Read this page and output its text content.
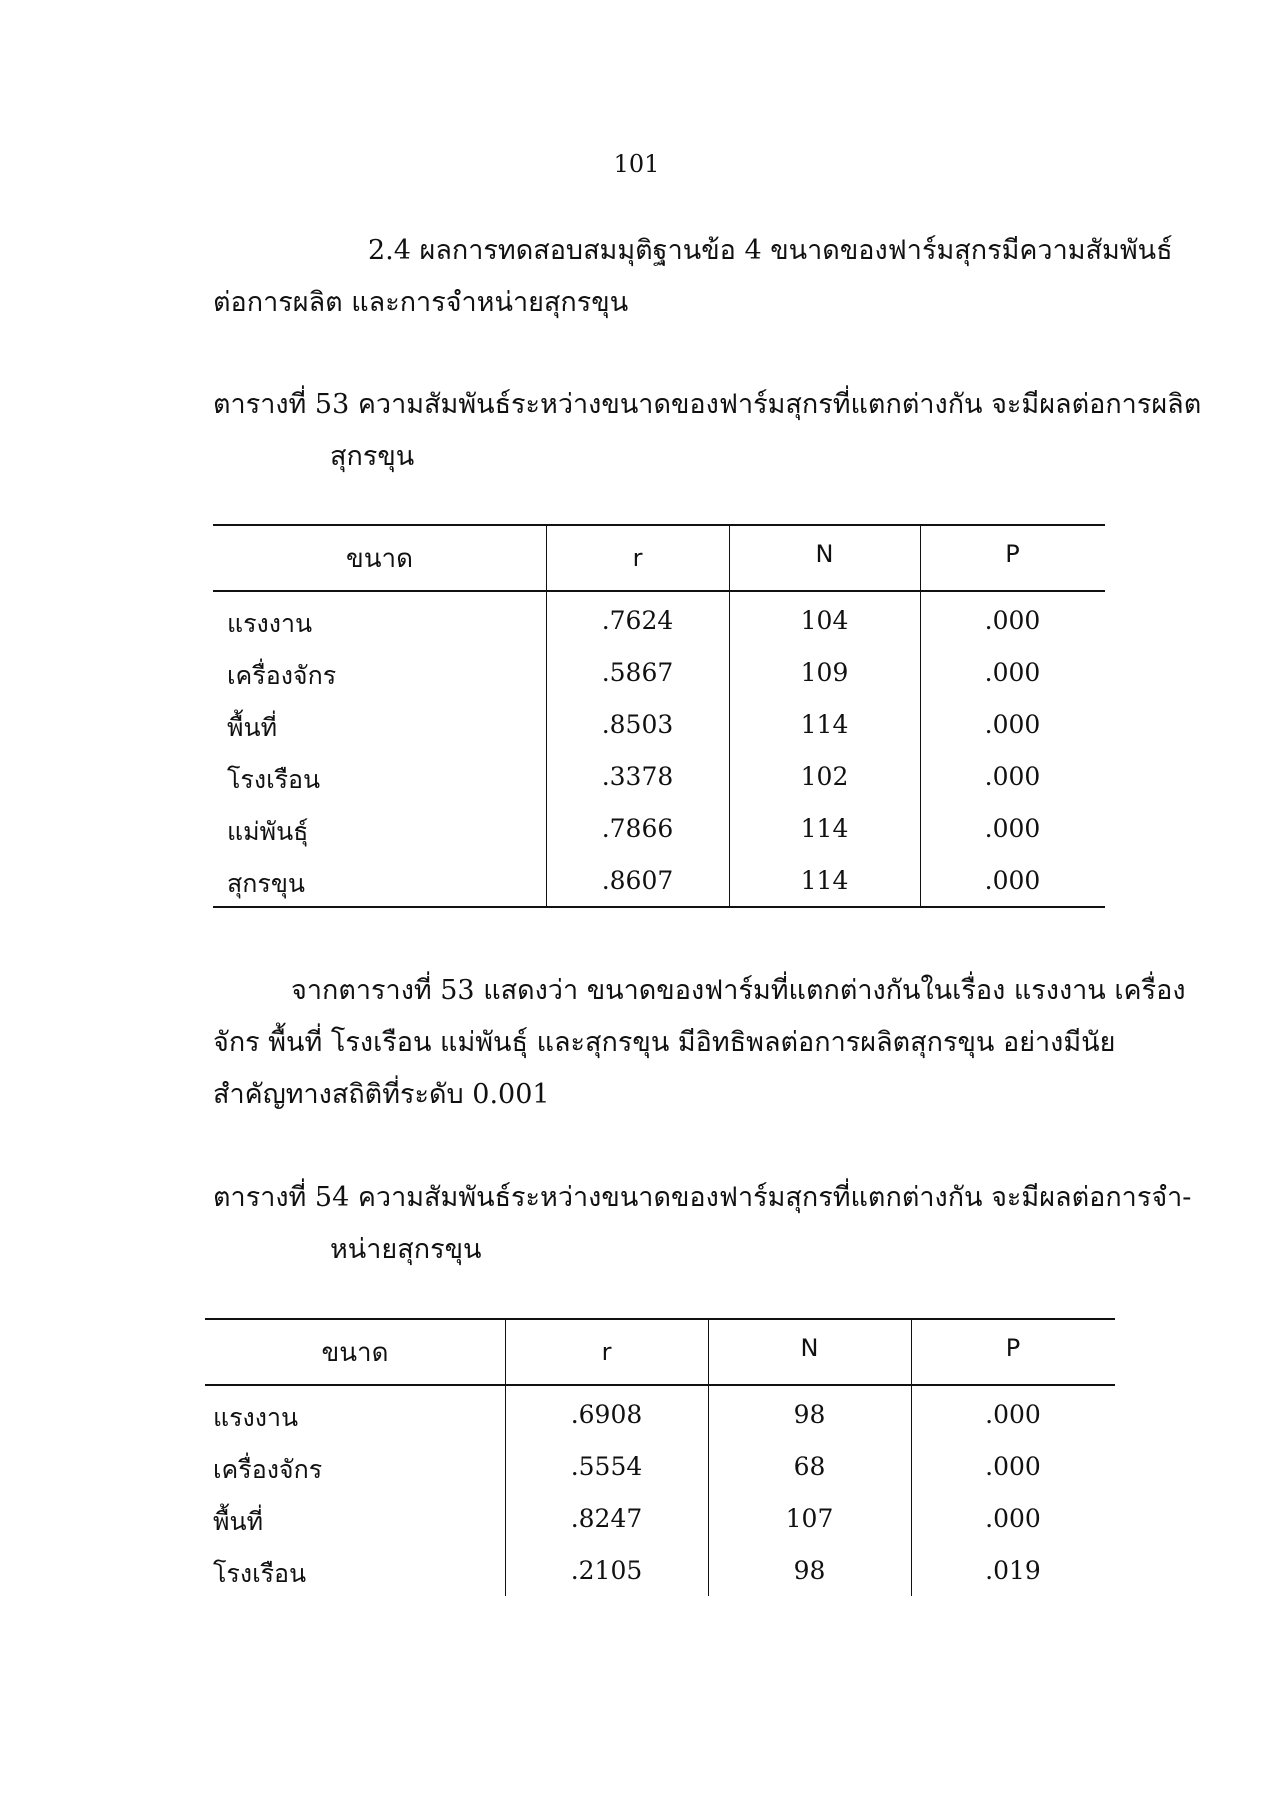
101
2.4 ผลการทดสอบสมมุติฐานข้อ 4 ขนาดของฟาร์มสุกรมีความสัมพันธ์
ต่อการผลิต และการจำหน่ายสุกรขุน
ตารางที่ 53 ความสัมพันธ์ระหว่างขนาดของฟาร์มสุกรที่แตกต่างกัน จะมีผลต่อการผลิต
สุกรขุน
ขนาด	r	N	P
แรงงาน	.7624	104	.000
เครื่องจักร	.5867	109	.000
พื้นที่	.8503	114	.000
โรงเรือน	.3378	102	.000
แม่พันธุ์	.7866	114	.000
สุกรขุน	.8607	114	.000
จากตารางที่ 53 แสดงว่า ขนาดของฟาร์มที่แตกต่างกันในเรื่อง แรงงาน เครื่อง
จักร พื้นที่ โรงเรือน แม่พันธุ์ และสุกรขุน มีอิทธิพลต่อการผลิตสุกรขุน อย่างมีนัย
สำคัญทางสถิติที่ระดับ 0.001
ตารางที่ 54 ความสัมพันธ์ระหว่างขนาดของฟาร์มสุกรที่แตกต่างกัน จะมีผลต่อการจำ-
หน่ายสุกรขุน
ขนาด	r	N	P
แรงงาน	.6908	98	.000
เครื่องจักร	.5554	68	.000
พื้นที่	.8247	107	.000
โรงเรือน	.2105	98	.019
